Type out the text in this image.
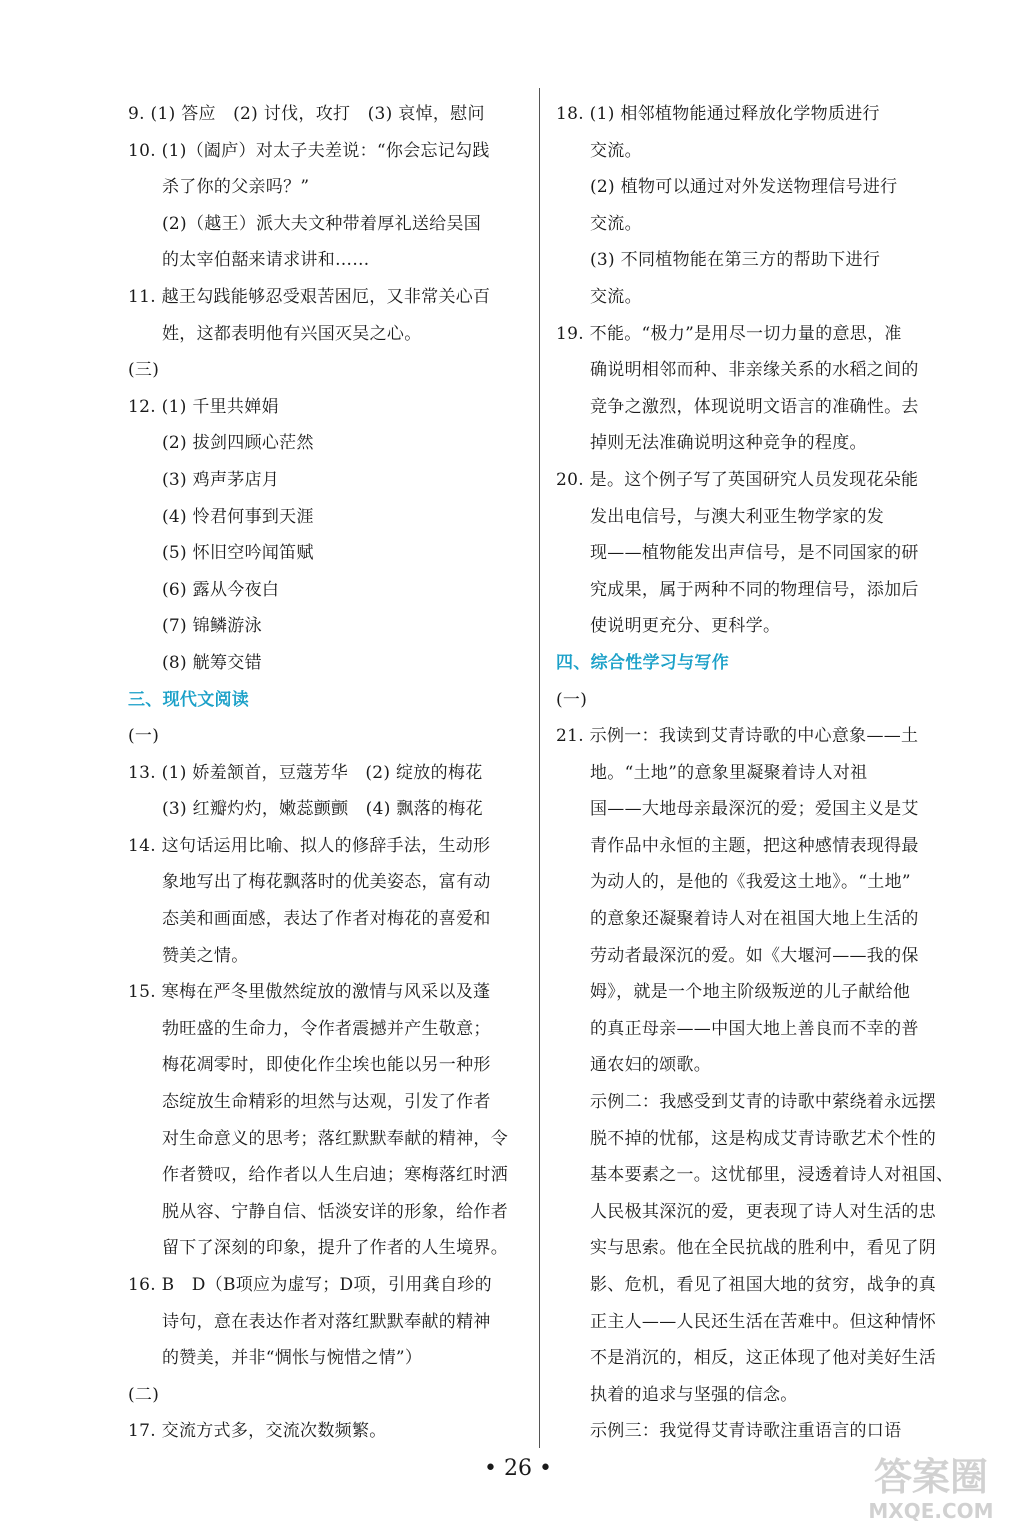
9. (1) 答应　(2) 讨伐，攻打　(3) 哀悼，慰问
10. (1)（阖庐）对太子夫差说：“你会忘记勾践
杀了你的父亲吗？”
(2)（越王）派大夫文种带着厚礼送给吴国
的太宰伯嚭来请求讲和……
11. 越王勾践能够忍受艰苦困厄，又非常关心百
姓，这都表明他有兴国灭吴之心。
(三)
12. (1) 千里共婵娟
(2) 拔剑四顾心茫然
(3) 鸡声茅店月
(4) 怜君何事到天涯
(5) 怀旧空吟闻笛赋
(6) 露从今夜白
(7) 锦鳞游泳
(8) 觥筹交错
三、现代文阅读
(一)
13. (1) 娇羞颔首，豆蔻芳华　(2) 绽放的梅花
(3) 红瓣灼灼，嫩蕊颤颤　(4) 飘落的梅花
14. 这句话运用比喻、拟人的修辞手法，生动形
象地写出了梅花飘落时的优美姿态，富有动
态美和画面感，表达了作者对梅花的喜爱和
赞美之情。
15. 寒梅在严冬里傲然绽放的激情与风采以及蓬
勃旺盛的生命力，令作者震撼并产生敬意；
梅花凋零时，即使化作尘埃也能以另一种形
态绽放生命精彩的坦然与达观，引发了作者
对生命意义的思考；落红默默奉献的精神，令
作者赞叹，给作者以人生启迪；寒梅落红时洒
脱从容、宁静自信、恬淡安详的形象，给作者
留下了深刻的印象，提升了作者的人生境界。
16. B　D（B项应为虚写；D项，引用龚自珍的
诗句，意在表达作者对落红默默奉献的精神
的赞美，并非“惆怅与惋惜之情”）
(二)
17. 交流方式多，交流次数频繁。
18. (1) 相邻植物能通过释放化学物质进行
交流。
(2) 植物可以通过对外发送物理信号进行
交流。
(3) 不同植物能在第三方的帮助下进行
交流。
19. 不能。“极力”是用尽一切力量的意思，准
确说明相邻而种、非亲缘关系的水稻之间的
竞争之激烈，体现说明文语言的准确性。去
掉则无法准确说明这种竞争的程度。
20. 是。这个例子写了英国研究人员发现花朵能
发出电信号，与澳大利亚生物学家的发
现——植物能发出声信号，是不同国家的研
究成果，属于两种不同的物理信号，添加后
使说明更充分、更科学。
四、综合性学习与写作
(一)
21. 示例一：我读到艾青诗歌的中心意象——土
地。“土地”的意象里凝聚着诗人对祖
国——大地母亲最深沉的爱；爱国主义是艾
青作品中永恒的主题，把这种感情表现得最
为动人的，是他的《我爱这土地》。“土地”
的意象还凝聚着诗人对在祖国大地上生活的
劳动者最深沉的爱。如《大堰河——我的保
姆》，就是一个地主阶级叛逆的儿子献给他
的真正母亲——中国大地上善良而不幸的普
通农妇的颂歌。
示例二：我感受到艾青的诗歌中萦绕着永远摆
脱不掉的忧郁，这是构成艾青诗歌艺术个性的
基本要素之一。这忧郁里，浸透着诗人对祖国、
人民极其深沉的爱，更表现了诗人对生活的忠
实与思索。他在全民抗战的胜利中，看见了阴
影、危机，看见了祖国大地的贫穷，战争的真
正主人——人民还生活在苦难中。但这种情怀
不是消沉的，相反，这正体现了他对美好生活
执着的追求与坚强的信念。
示例三：我觉得艾青诗歌注重语言的口语
• 26 •	答案圈
MXQE.COM
